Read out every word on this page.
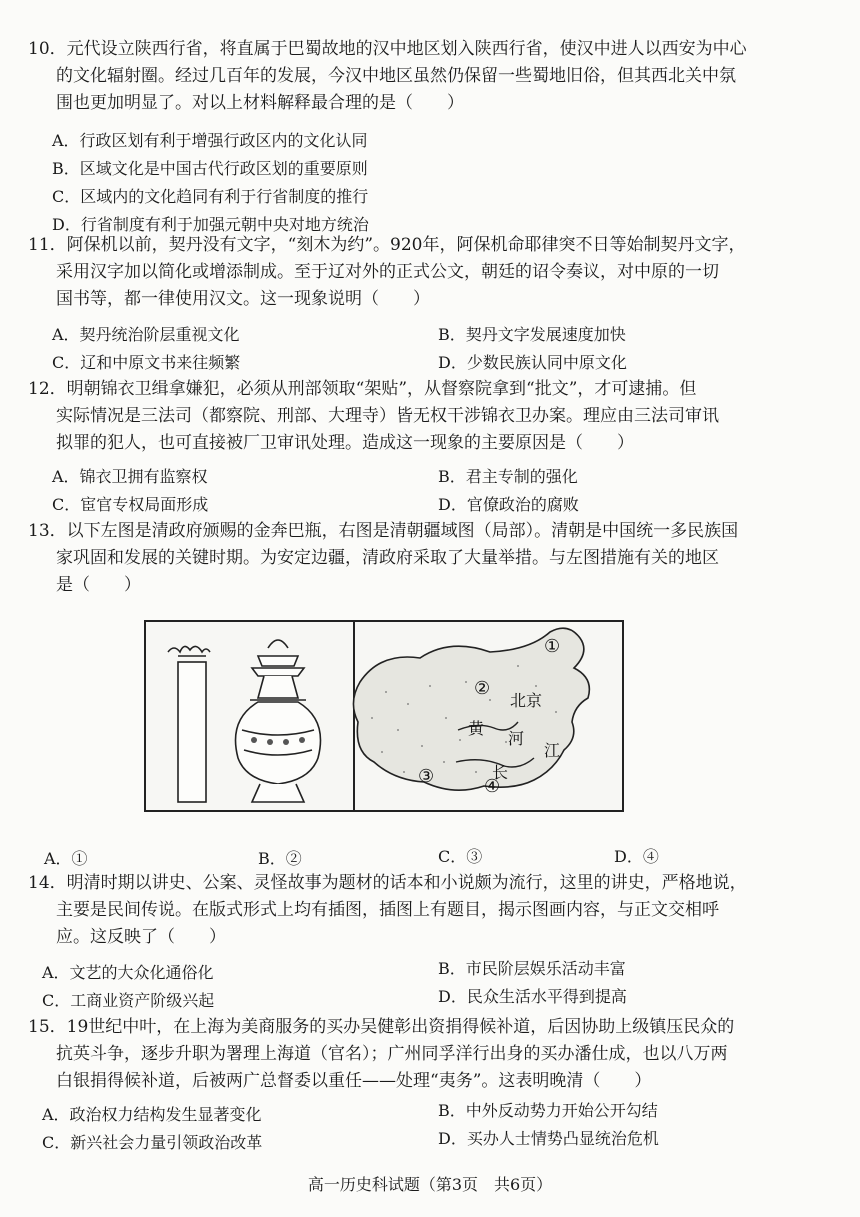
10．元代设立陕西行省，将直属于巴蜀故地的汉中地区划入陕西行省，使汉中进人以西安为中心
的文化辐射圈。经过几百年的发展，今汉中地区虽然仍保留一些蜀地旧俗，但其西北关中氛
围也更加明显了。对以上材料解释最合理的是（　　）
A．行政区划有利于增强行政区内的文化认同
B．区域文化是中国古代行政区划的重要原则
C．区域内的文化趋同有利于行省制度的推行
D．行省制度有利于加强元朝中央对地方统治
11．阿保机以前，契丹没有文字，“刻木为约”。920年，阿保机命耶律突不日等始制契丹文字，
采用汉字加以简化或增添制成。至于辽对外的正式公文，朝廷的诏令奏议，对中原的一切
国书等，都一律使用汉文。这一现象说明（　　）
A．契丹统治阶层重视文化	B．契丹文字发展速度加快
C．辽和中原文书来往频繁	D．少数民族认同中原文化
12．明朝锦衣卫缉拿嫌犯，必须从刑部领取“架贴”，从督察院拿到“批文”，才可逮捕。但
实际情况是三法司（都察院、刑部、大理寺）皆无权干涉锦衣卫办案。理应由三法司审讯
拟罪的犯人，也可直接被厂卫审讯处理。造成这一现象的主要原因是（　　）
A．锦衣卫拥有监察权	B．君主专制的强化
C．宦官专权局面形成	D．官僚政治的腐败
13．以下左图是清政府颁赐的金奔巴瓶，右图是清朝疆域图（局部）。清朝是中国统一多民族国
家巩固和发展的关键时期。为安定边疆，清政府采取了大量举措。与左图措施有关的地区
是（　　）
①
②
③	④
北京
黄
河
长
江
A．①	B．②	C．③	D．④
14．明清时期以讲史、公案、灵怪故事为题材的话本和小说颇为流行，这里的讲史，严格地说，
主要是民间传说。在版式形式上均有插图，插图上有题目，揭示图画内容，与正文交相呼
应。这反映了（　　）
A．文艺的大众化通俗化	B．市民阶层娱乐活动丰富
C．工商业资产阶级兴起	D．民众生活水平得到提高
15．19世纪中叶，在上海为美商服务的买办吴健彰出资捐得候补道，后因协助上级镇压民众的
抗英斗争，逐步升职为署理上海道（官名）；广州同孚洋行出身的买办潘仕成，也以八万两
白银捐得候补道，后被两广总督委以重任——处理“夷务”。这表明晚清（　　）
A．政治权力结构发生显著变化	B．中外反动势力开始公开勾结
C．新兴社会力量引领政治改革	D．买办人士情势凸显统治危机
高一历史科试题（第3页　共6页）
